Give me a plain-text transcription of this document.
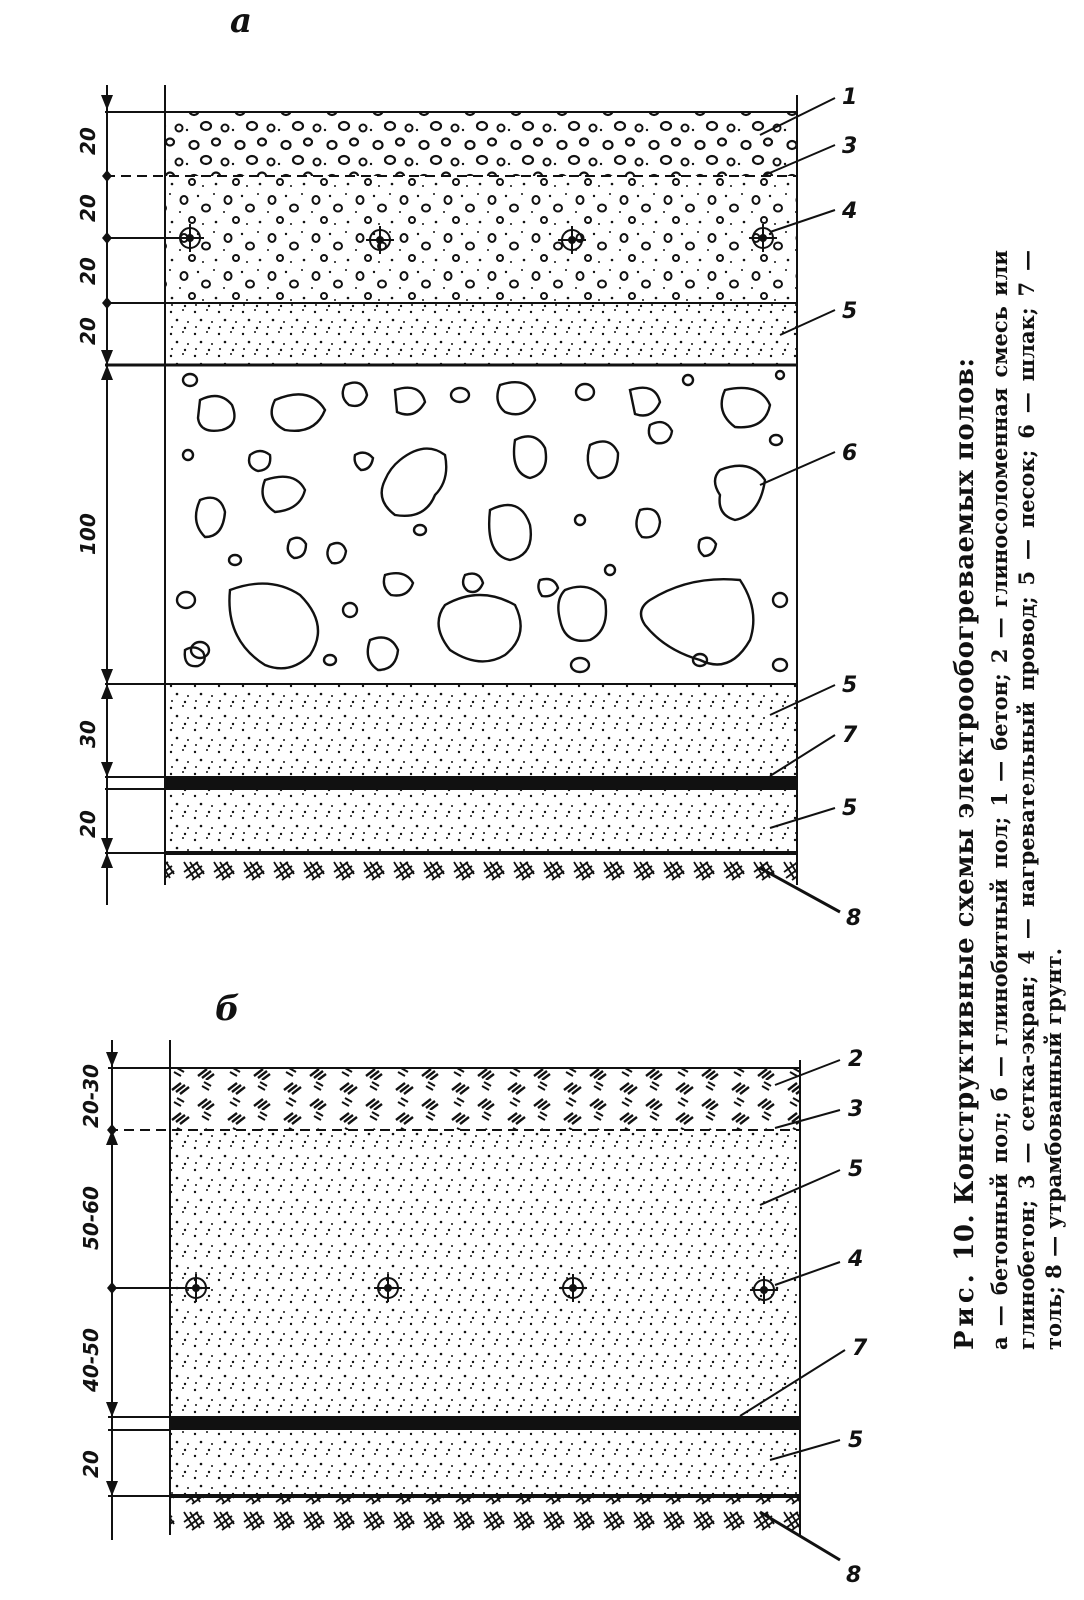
а
20
20
20
20
100
30
20
1
3
4
5
6
5
7
5
8
б
20-30
50-60
40-50
20
2
3
5
4
7
5
8
Рис. 10. Конструктивные схемы электрообогреваемых полов: а — бетонный пол; б — глинобитный пол; 1 — бетон; 2 — глиносоломенная смесь или глинобетон; 3 — сетка-экран; 4 — нагревательный провод; 5 — песок; 6 — шлак; 7 — толь; 8 — утрамбованный грунт.
